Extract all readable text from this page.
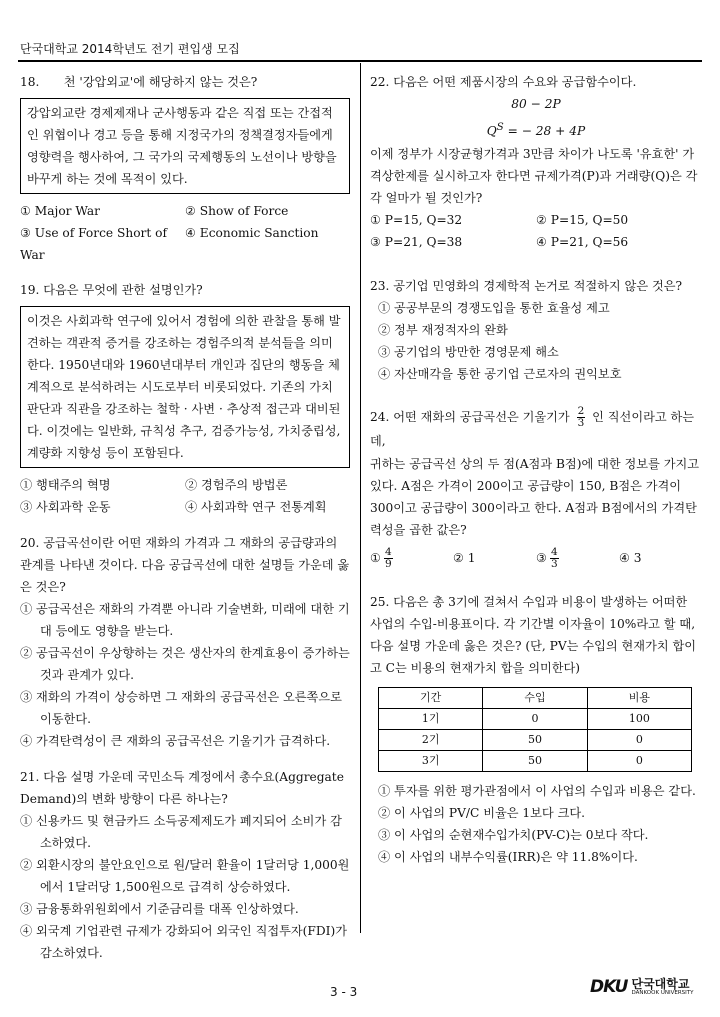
단국대학교 2014학년도 전기 편입생 모집
18.　　천 '강압외교'에 해당하지 않는 것은?
강압외교란 경제제재나 군사행동과 같은 직접 또는 간접적인 위협이나 경고 등을 통해 지정국가의 정책결정자들에게 영향력을 행사하여, 그 국가의 국제행동의 노선이나 방향을 바꾸게 하는 것에 목적이 있다.
① Major War	② Show of Force
③ Use of Force Short of War
④ Economic Sanction
19. 다음은 무엇에 관한 설명인가?
이것은 사회과학 연구에 있어서 경험에 의한 관찰을 통해 발견하는 객관적 증거를 강조하는 경험주의적 분석들을 의미한다. 1950년대와 1960년대부터 개인과 집단의 행동을 체계적으로 분석하려는 시도로부터 비롯되었다. 기존의 가치판단과 직관을 강조하는 철학 · 사변 · 추상적 접근과 대비된다. 이것에는 일반화, 규칙성 추구, 검증가능성, 가치중립성, 계량화 지향성 등이 포함된다.
① 행태주의 혁명	② 경험주의 방법론
③ 사회과학 운동	④ 사회과학 연구 전통계획
20. 공급곡선이란 어떤 재화의 가격과 그 재화의 공급량과의 관계를 나타낸 것이다. 다음 공급곡선에 대한 설명들 가운데 옳은 것은?
① 공급곡선은 재화의 가격뿐 아니라 기술변화, 미래에 대한 기대 등에도 영향을 받는다.
② 공급곡선이 우상향하는 것은 생산자의 한계효용이 증가하는 것과 관계가 있다.
③ 재화의 가격이 상승하면 그 재화의 공급곡선은 오른쪽으로 이동한다.
④ 가격탄력성이 큰 재화의 공급곡선은 기울기가 급격하다.
21. 다음 설명 가운데 국민소득 계정에서 총수요(Aggregate Demand)의 변화 방향이 다른 하나는?
① 신용카드 및 현금카드 소득공제제도가 폐지되어 소비가 감소하였다.
② 외환시장의 불안요인으로 원/달러 환율이 1달러당 1,000원에서 1달러당 1,500원으로 급격히 상승하였다.
③ 금융통화위원회에서 기준금리를 대폭 인상하였다.
④ 외국계 기업관련 규제가 강화되어 외국인 직접투자(FDI)가 감소하였다.
22. 다음은 어떤 제품시장의 수요와 공급함수이다.
80 − 2P
$Q^S$ = − 28 + 4P
이제 정부가 시장균형가격과 3만큼 차이가 나도록 '유효한' 가격상한제를 실시하고자 한다면 규제가격(P)과 거래량(Q)은 각각 얼마가 될 것인가?
① P=15, Q=32	② P=15, Q=50
③ P=21, Q=38	④ P=21, Q=56
23. 공기업 민영화의 경제학적 논거로 적절하지 않은 것은?
① 공공부문의 경쟁도입을 통한 효율성 제고
② 정부 재정적자의 완화
③ 공기업의 방만한 경영문제 해소
④ 자산매각을 통한 공기업 근로자의 권익보호
24. 어떤 재화의 공급곡선은 기울기가 $\frac{2}{3}$ 인 직선이라고 하는데,
귀하는 공급곡선 상의 두 점(A점과 B점)에 대한 정보를 가지고 있다. A점은 가격이 200이고 공급량이 150, B점은 가격이 300이고 공급량이 300이라고 한다. A점과 B점에서의 가격탄력성을 곱한 값은?
① $\frac{4}{9}$	② 1	③ $\frac{4}{3}$	④ 3
25. 다음은 총 3기에 걸쳐서 수입과 비용이 발생하는 어떠한 사업의 수입-비용표이다. 각 기간별 이자율이 10%라고 할 때, 다음 설명 가운데 옳은 것은? (단, PV는 수입의 현재가치 합이고 C는 비용의 현재가치 합을 의미한다)
기간	수입	비용
1기	0	100
2기	50	0
3기	50	0
① 투자를 위한 평가관점에서 이 사업의 수입과 비용은 같다.
② 이 사업의 PV/C 비율은 1보다 크다.
③ 이 사업의 순현재수입가치(PV-C)는 0보다 작다.
④ 이 사업의 내부수익률(IRR)은 약 11.8%이다.
3 - 3	DKU 단국대학교
DANKOOK UNIVERSITY
